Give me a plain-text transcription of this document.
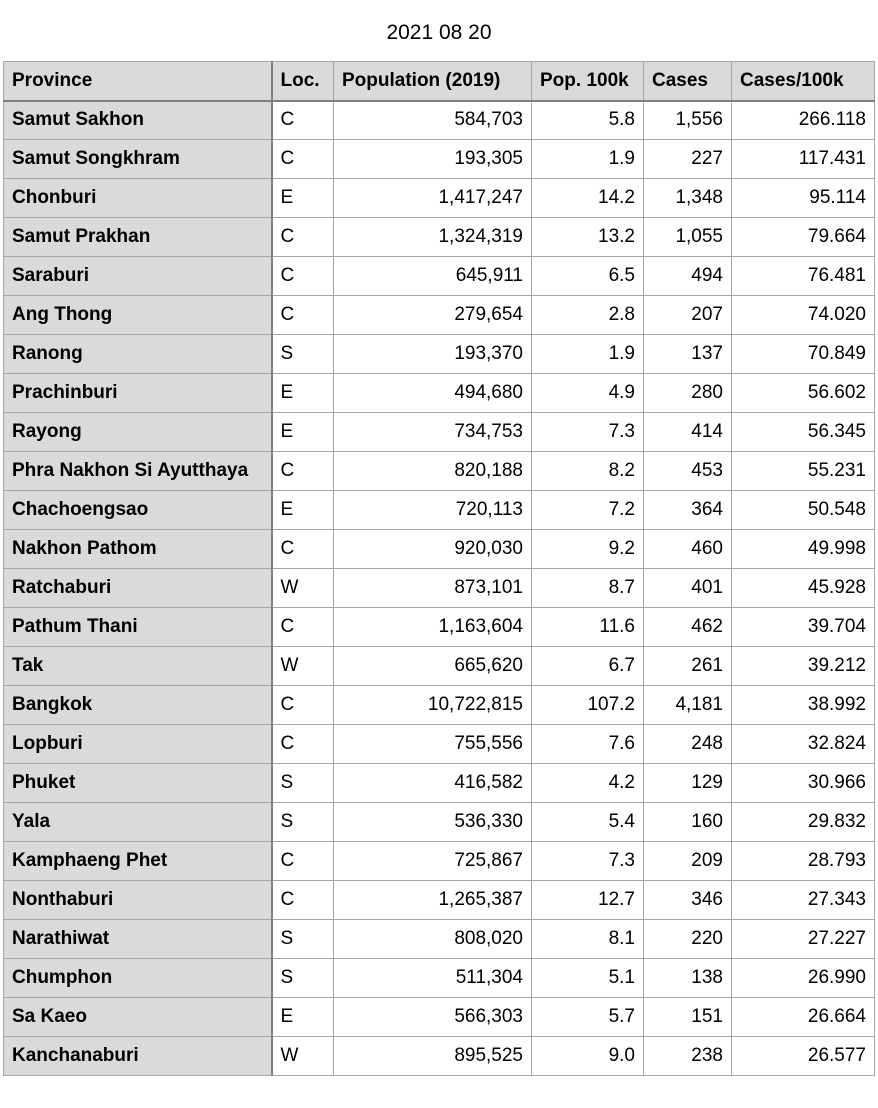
2021 08 20
Province	Loc.	Population (2019)	Pop. 100k	Cases	Cases/100k
Samut Sakhon	C	584,703	5.8	1,556	266.118
Samut Songkhram	C	193,305	1.9	227	117.431
Chonburi	E	1,417,247	14.2	1,348	95.114
Samut Prakhan	C	1,324,319	13.2	1,055	79.664
Saraburi	C	645,911	6.5	494	76.481
Ang Thong	C	279,654	2.8	207	74.020
Ranong	S	193,370	1.9	137	70.849
Prachinburi	E	494,680	4.9	280	56.602
Rayong	E	734,753	7.3	414	56.345
Phra Nakhon Si Ayutthaya	C	820,188	8.2	453	55.231
Chachoengsao	E	720,113	7.2	364	50.548
Nakhon Pathom	C	920,030	9.2	460	49.998
Ratchaburi	W	873,101	8.7	401	45.928
Pathum Thani	C	1,163,604	11.6	462	39.704
Tak	W	665,620	6.7	261	39.212
Bangkok	C	10,722,815	107.2	4,181	38.992
Lopburi	C	755,556	7.6	248	32.824
Phuket	S	416,582	4.2	129	30.966
Yala	S	536,330	5.4	160	29.832
Kamphaeng Phet	C	725,867	7.3	209	28.793
Nonthaburi	C	1,265,387	12.7	346	27.343
Narathiwat	S	808,020	8.1	220	27.227
Chumphon	S	511,304	5.1	138	26.990
Sa Kaeo	E	566,303	5.7	151	26.664
Kanchanaburi	W	895,525	9.0	238	26.577
